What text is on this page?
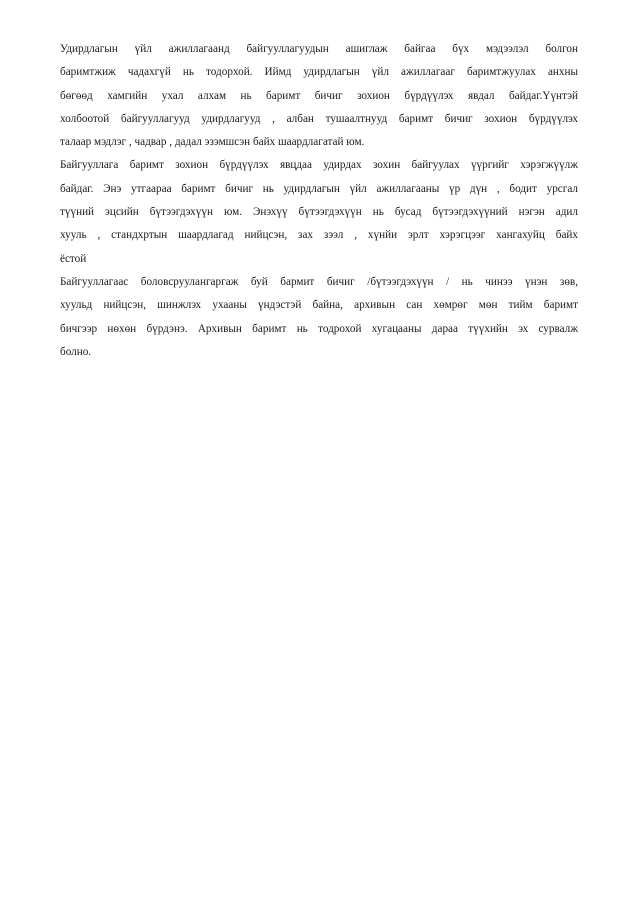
Удирдлагын үйл ажиллагаанд байгууллагуудын ашиглаж байгаа бүх мэдээлэл болгон
баримтжиж чадахгүй нь тодорхой. Иймд удирдлагын үйл ажиллагааг баримтжуулах анхны
бөгөөд хамгийн ухал алхам нь баримт бичиг зохион бүрдүүлэх явдал байдаг.Үүнтэй
холбоотой байгууллагууд удирдлагууд , албан тушаалтнууд баримт бичиг зохион бүрдүүлэх
талаар мэдлэг , чадвар , дадал эзэмшсэн байх шаардлагатай юм.
Байгууллага баримт зохион бүрдүүлэх явцдаа удирдах зохин байгуулах үүргийг хэрэгжүүлж
байдаг. Энэ утгаараа баримт бичиг нь удирдлагын үйл ажиллагааны үр дүн , бодит урсгал
түүний эцсийн бүтээгдэхүүн юм. Энэхүү бүтээгдэхүүн нь бусад бүтээгдэхүүний нэгэн адил
хууль , стандхртын шаардлагад нийцсэн, зах зээл , хүнйи эрлт хэрэгцээг хангахуйц байх
ёстой
Байгууллагаас боловсруулангаргаж буй бармит бичиг /бүтээгдэхүүн / нь чинээ үнэн зөв,
хуульд нийцсэн, шинжлэх ухааны үндэстэй байна, архивын сан хөмрөг мөн тийм баримт
бичгээр нөхөн бүрдэнэ. Архивын баримт нь тодрохой хугацааны дараа түүхийн эх сурвалж
болно.
